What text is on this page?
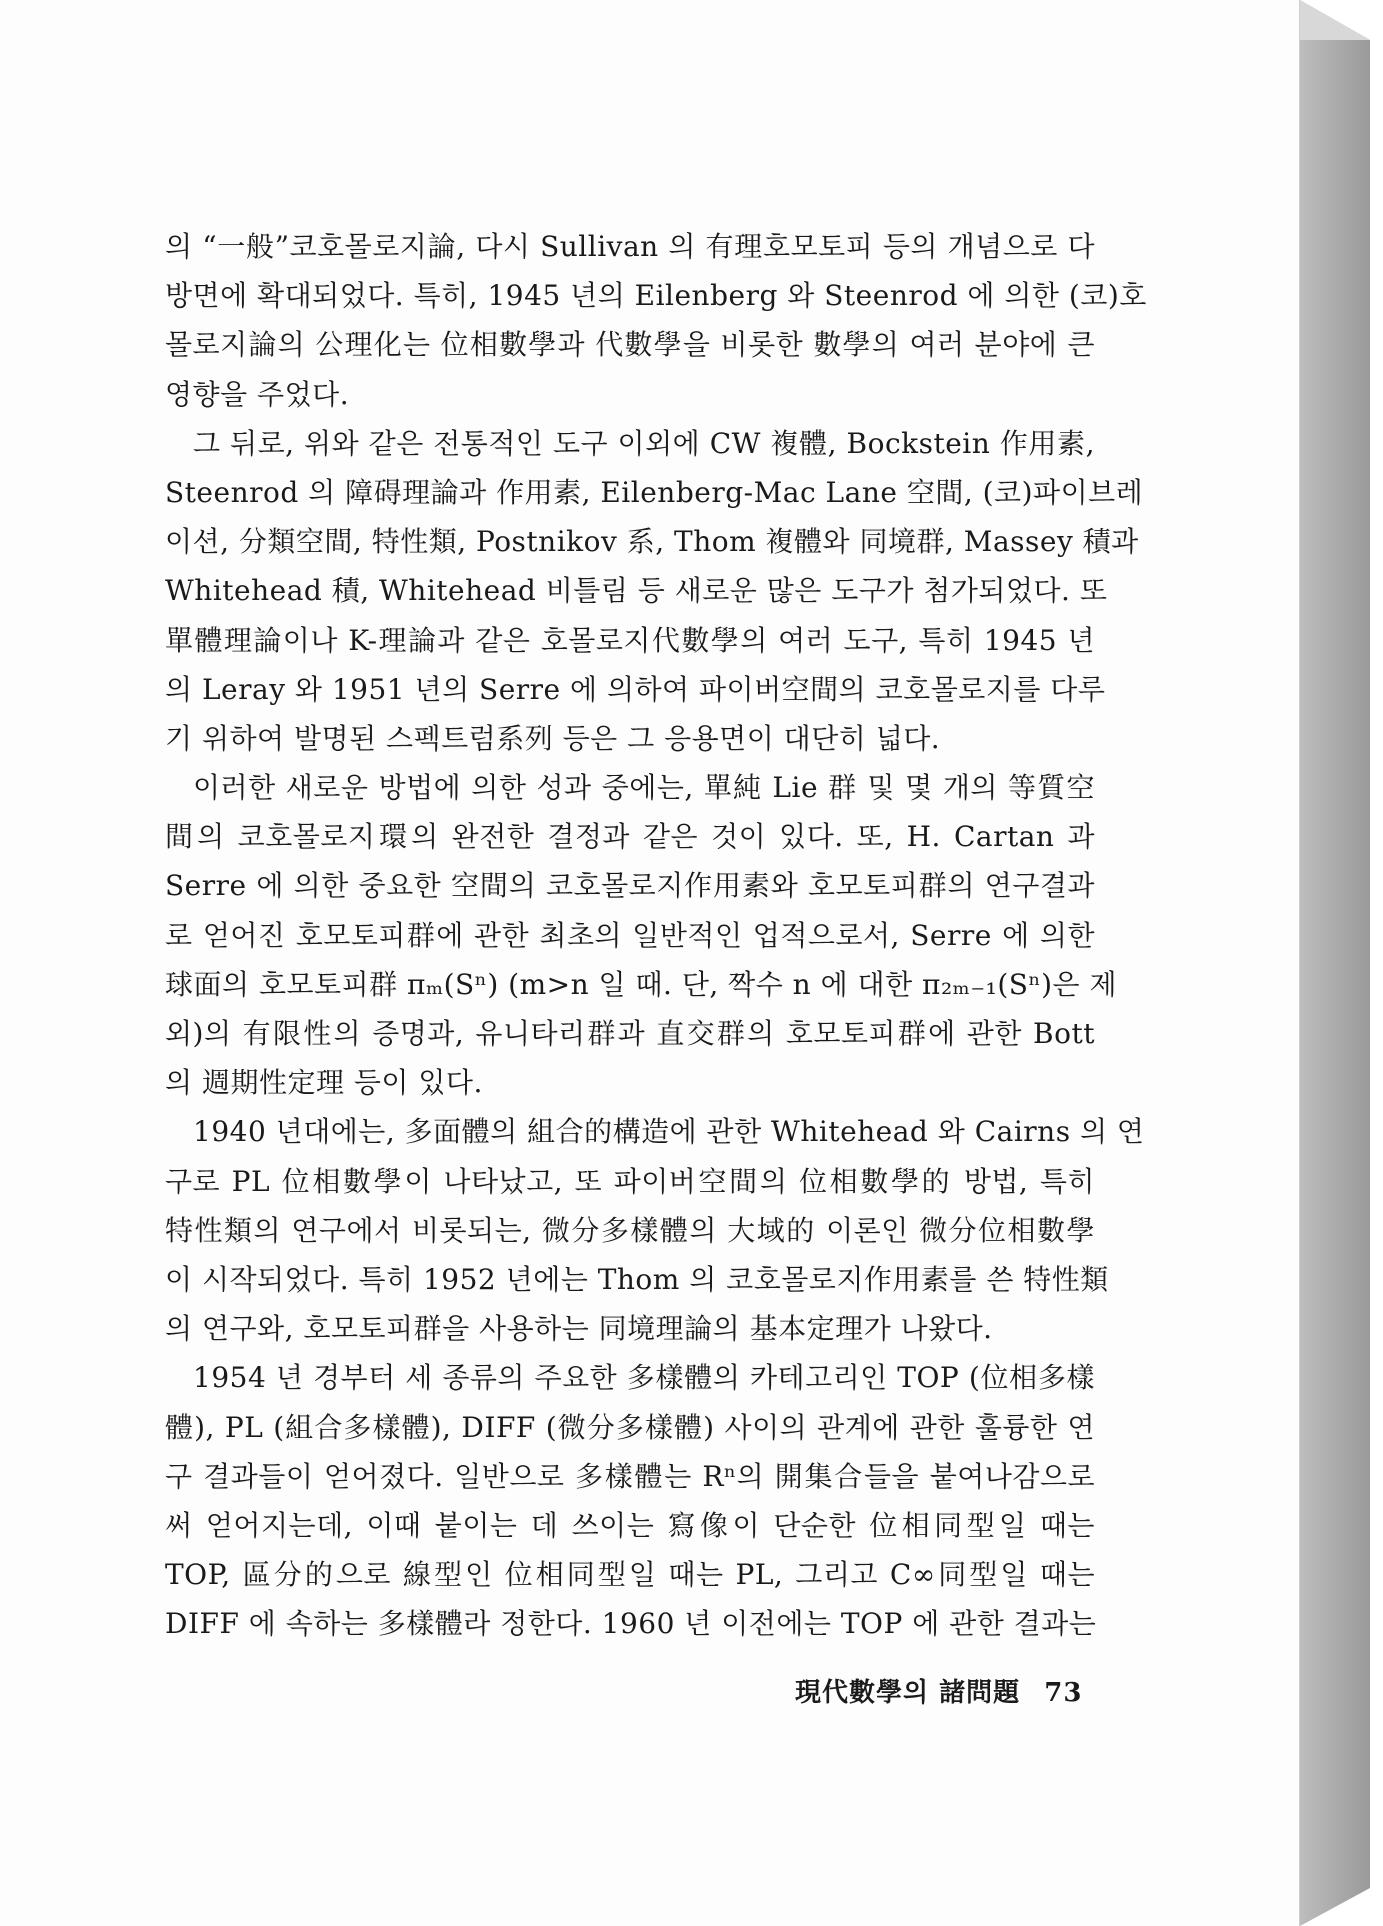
의 “一般”코호몰로지論, 다시 Sullivan 의 有理호모토피 등의 개념으로 다
방면에 확대되었다. 특히, 1945 년의 Eilenberg 와 Steenrod 에 의한 (코)호
몰로지論의 公理化는 位相數學과 代數學을 비롯한 數學의 여러 분야에 큰
영향을 주었다.
그 뒤로, 위와 같은 전통적인 도구 이외에 CW 複體, Bockstein 作用素,
Steenrod 의 障碍理論과 作用素, Eilenberg-Mac Lane 空間, (코)파이브레
이션, 分類空間, 特性類, Postnikov 系, Thom 複體와 同境群, Massey 積과
Whitehead 積, Whitehead 비틀림 등 새로운 많은 도구가 첨가되었다. 또
單體理論이나 K-理論과 같은 호몰로지代數學의 여러 도구, 특히 1945 년
의 Leray 와 1951 년의 Serre 에 의하여 파이버空間의 코호몰로지를 다루
기 위하여 발명된 스펙트럼系列 등은 그 응용면이 대단히 넓다.
이러한 새로운 방법에 의한 성과 중에는, 單純 Lie 群 및 몇 개의 等質空
間의 코호몰로지環의 완전한 결정과 같은 것이 있다. 또, H. Cartan 과
Serre 에 의한 중요한 空間의 코호몰로지作用素와 호모토피群의 연구결과
로 얻어진 호모토피群에 관한 최초의 일반적인 업적으로서, Serre 에 의한
球面의 호모토피群 πₘ(Sⁿ) (m>n 일 때. 단, 짝수 n 에 대한 π₂ₘ₋₁(Sⁿ)은 제
외)의 有限性의 증명과, 유니타리群과 直交群의 호모토피群에 관한 Bott
의 週期性定理 등이 있다.
1940 년대에는, 多面體의 組合的構造에 관한 Whitehead 와 Cairns 의 연
구로 PL 位相數學이 나타났고, 또 파이버空間의 位相數學的 방법, 특히
特性類의 연구에서 비롯되는, 微分多樣體의 大域的 이론인 微分位相數學
이 시작되었다. 특히 1952 년에는 Thom 의 코호몰로지作用素를 쓴 特性類
의 연구와, 호모토피群을 사용하는 同境理論의 基本定理가 나왔다.
1954 년 경부터 세 종류의 주요한 多樣體의 카테고리인 TOP (位相多樣
體), PL (組合多樣體), DIFF (微分多樣體) 사이의 관계에 관한 훌륭한 연
구 결과들이 얻어졌다. 일반으로 多樣體는 Rⁿ의 開集合들을 붙여나감으로
써 얻어지는데, 이때 붙이는 데 쓰이는 寫像이 단순한 位相同型일 때는
TOP, 區分的으로 線型인 位相同型일 때는 PL, 그리고 C∞同型일 때는
DIFF 에 속하는 多樣體라 정한다. 1960 년 이전에는 TOP 에 관한 결과는
現代數學의 諸問題 73
